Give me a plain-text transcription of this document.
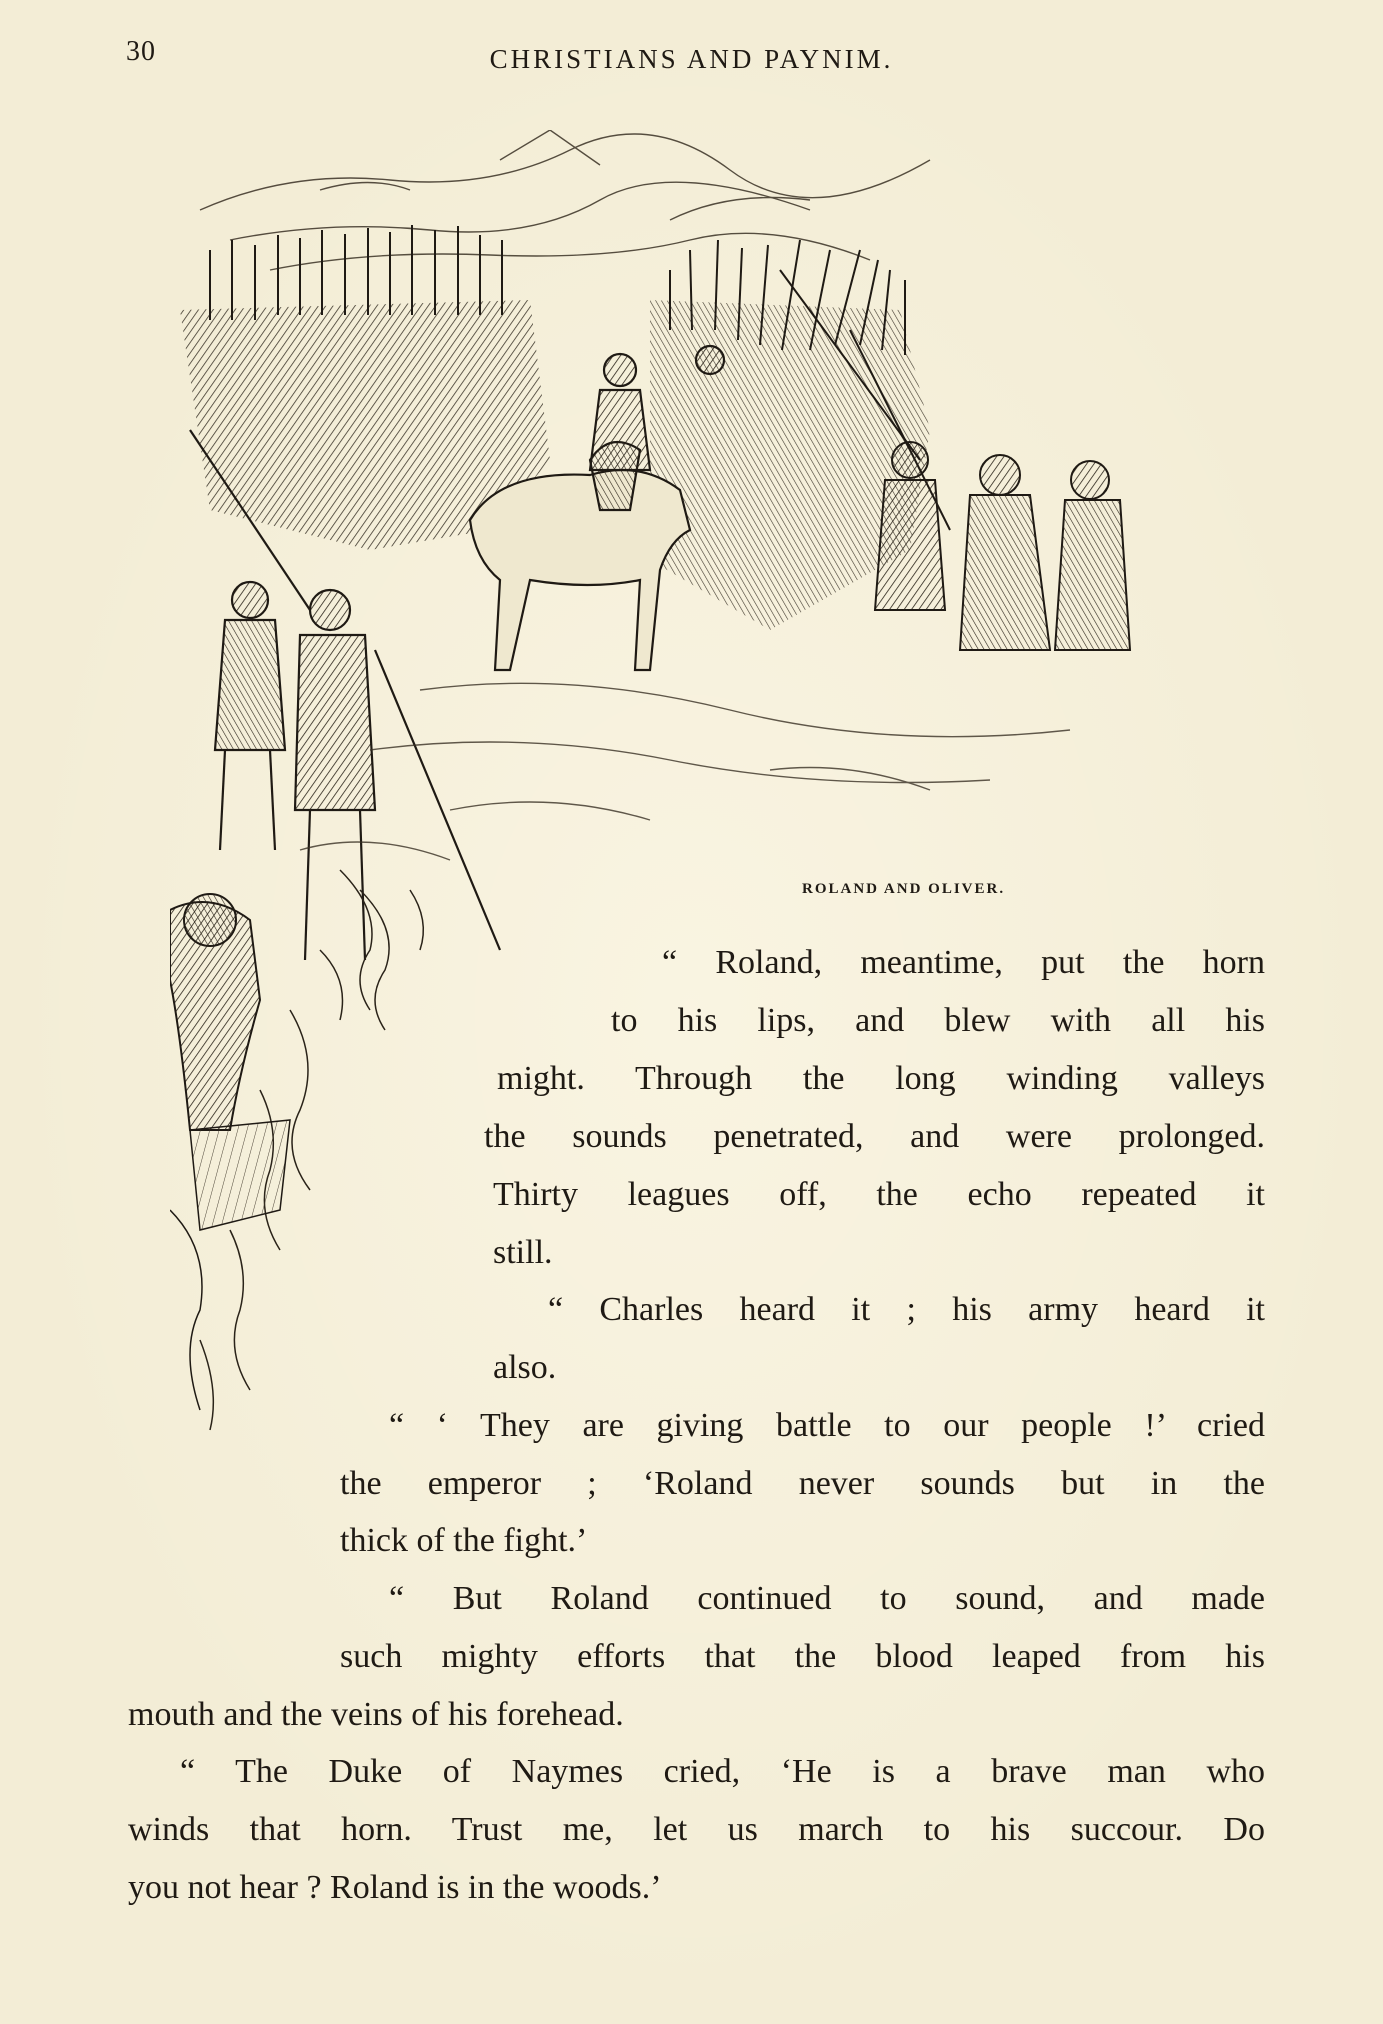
30	CHRISTIANS AND PAYNIM.
ROLAND AND OLIVER.
“ Roland, meantime, put the horn
to his lips, and blew with all his
might. Through the long winding valleys
the sounds penetrated, and were prolonged.
Thirty leagues off, the echo repeated it
still.
“ Charles heard it ; his army heard it
also.
“ ‘ They are giving battle to our people !’ cried
the emperor ; ‘Roland never sounds but in the
thick of the fight.’
“ But Roland continued to sound, and made
such mighty efforts that the blood leaped from his
mouth and the veins of his forehead.
“ The Duke of Naymes cried, ‘He is a brave man who
winds that horn. Trust me, let us march to his succour. Do
you not hear ? Roland is in the woods.’
